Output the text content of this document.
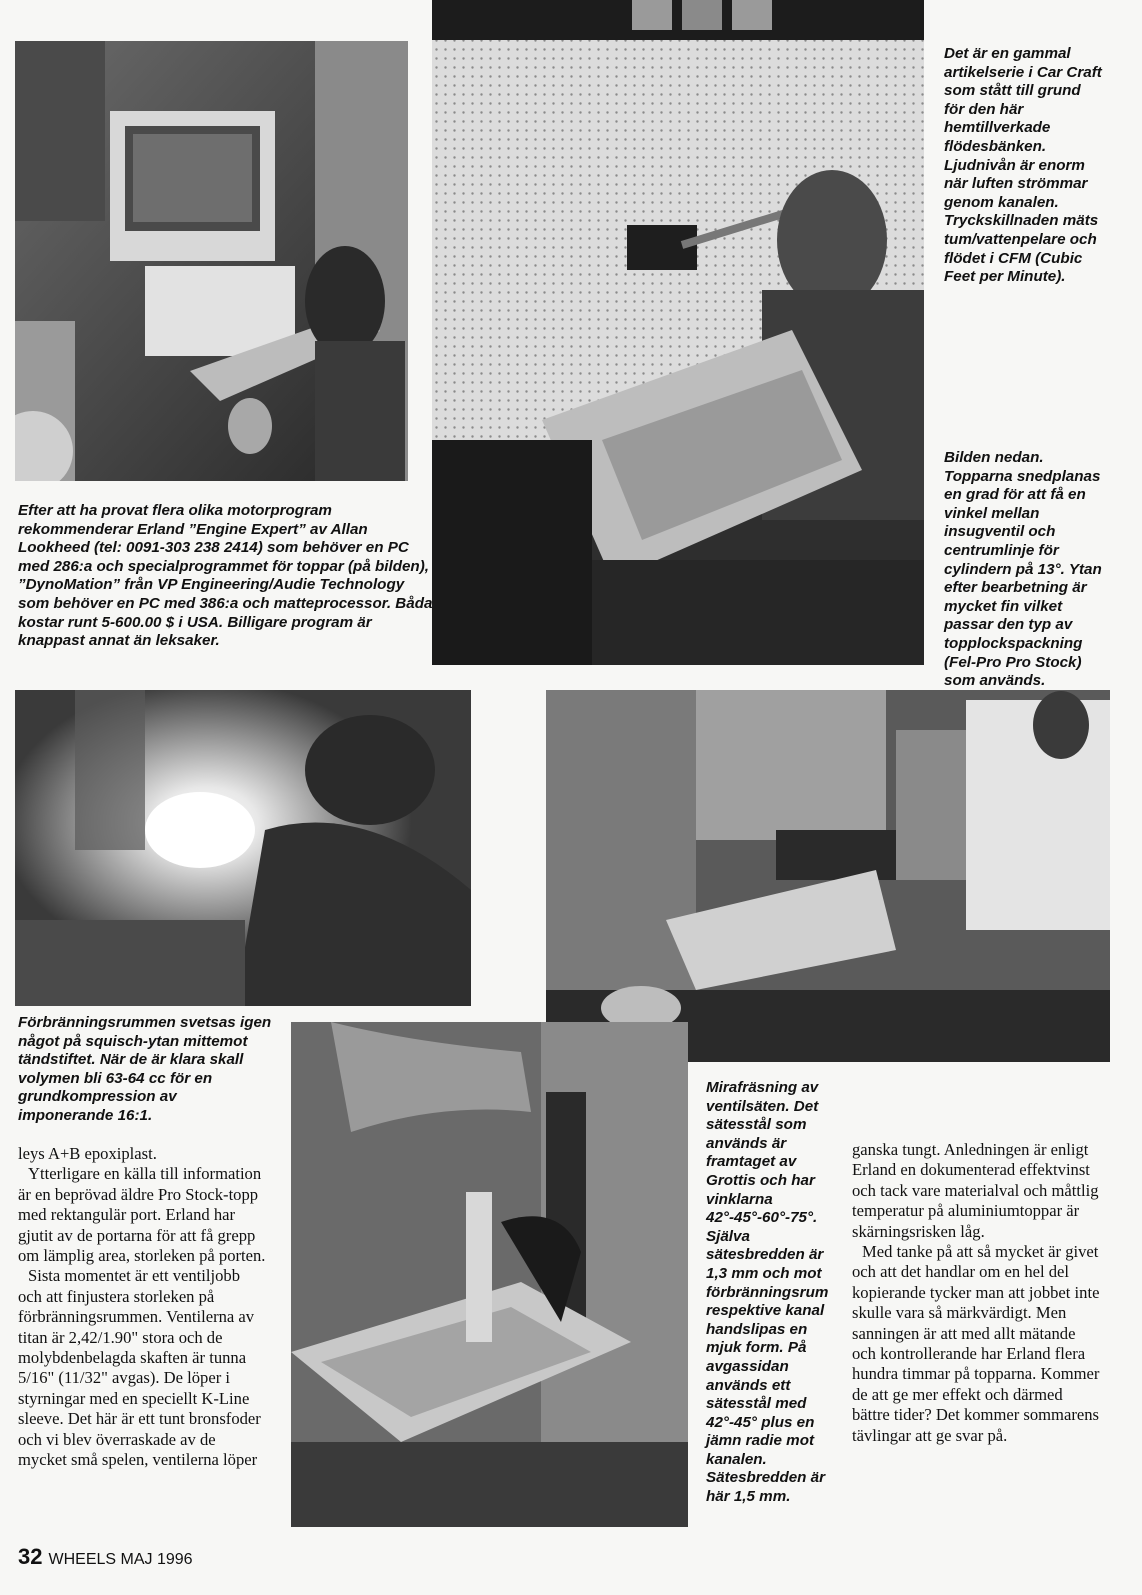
Efter att ha provat flera olika motorprogram rekommenderar Erland ”Engine Expert” av Allan Lookheed (tel: 0091-303 238 2414) som behöver en PC med 286:a och specialprogrammet för toppar (på bilden), ”DynoMation” från VP Engineering/Audie Technology som behöver en PC med 386:a och matteprocessor. Båda kostar runt 5-600.00 $ i USA. Billigare program är knappast annat än leksaker.

Det är en gammal artikelserie i Car Craft som stått till grund för den här hemtillverkade flödesbänken. Ljudnivån är enorm när luften strömmar genom kanalen. Tryckskillnaden mäts tum/vattenpelare och flödet i CFM (Cubic Feet per Minute).

Bilden nedan. Topparna snedplanas en grad för att få en vinkel mellan insugventil och centrumlinje för cylindern på 13°. Ytan efter bearbetning är mycket fin vilket passar den typ av topplockspackning (Fel-Pro Pro Stock) som används.

Förbränningsrummen svetsas igen något på squisch-ytan mittemot tändstiftet. När de är klara skall volymen bli 63-64 cc för en grundkompression av imponerande 16:1.

Mirafräsning av ventilsäten. Det sätesstål som används är framtaget av Grottis och har vinklarna 42°-45°-60°-75°. Själva sätesbredden är 1,3 mm och mot förbränningsrum respektive kanal handslipas en mjuk form. På avgassidan används ett sätesstål med 42°-45° plus en jämn radie mot kanalen. Sätesbredden är här 1,5 mm.

leys A+B epoxiplast.

Ytterligare en källa till information är en beprövad äldre Pro Stock-topp med rektangulär port. Erland har gjutit av de portarna för att få grepp om lämplig area, storleken på porten.

Sista momentet är ett ventiljobb och att finjustera storleken på förbränningsrummen. Ventilerna av titan är 2,42/1.90" stora och de molybdenbelagda skaften är tunna 5/16" (11/32" avgas). De löper i styrningar med en speciellt K-Line sleeve. Det här är ett tunt bronsfoder och vi blev överraskade av de mycket små spelen, ventilerna löper

ganska tungt. Anledningen är enligt Erland en dokumenterad effektvinst och tack vare materialval och måttlig temperatur på aluminiumtoppar är skärningsrisken låg.

Med tanke på att så mycket är givet och att det handlar om en hel del kopierande tycker man att jobbet inte skulle vara så märkvärdigt. Men sanningen är att med allt mätande och kontrollerande har Erland flera hundra timmar på topparna. Kommer de att ge mer effekt och därmed bättre tider? Det kommer sommarens tävlingar att ge svar på.

32 WHEELS MAJ 1996
